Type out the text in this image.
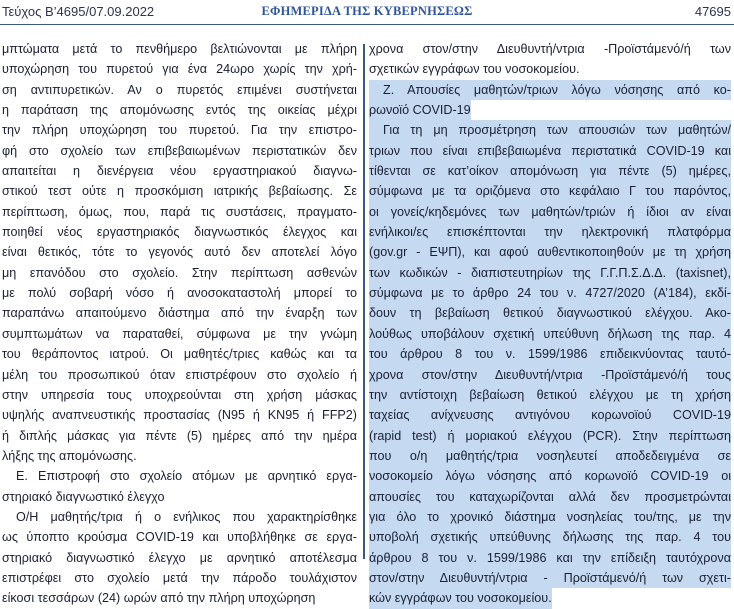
Τεύχος Β’4695/07.09.2022	ΕΦΗΜΕΡΙΔΑ ΤΗΣ ΚΥΒΕΡΝΗΣΕΩΣ	47695
μπτώματα μετά το πενθήμερο βελτιώνονται με πλήρη
υποχώρηση του πυρετού για ένα 24ωρο χωρίς την χρή-
ση αντιπυρετικών. Αν ο πυρετός επιμένει συστήνεται
η παράταση της απομόνωσης εντός της οικείας μέχρι
την πλήρη υποχώρηση του πυρετού. Για την επιστρο-
φή στο σχολείο των επιβεβαιωμένων περιστατικών δεν
απαιτείται η διενέργεια νέου εργαστηριακού διαγνω-
στικού τεστ ούτε η προσκόμιση ιατρικής βεβαίωσης. Σε
περίπτωση, όμως, που, παρά τις συστάσεις, πραγματο-
ποιηθεί νέος εργαστηριακός διαγνωστικός έλεγχος και
είναι θετικός, τότε το γεγονός αυτό δεν αποτελεί λόγο
μη επανόδου στο σχολείο. Στην περίπτωση ασθενών
με πολύ σοβαρή νόσο ή ανοσοκαταστολή μπορεί το
παραπάνω απαιτούμενο διάστημα από την έναρξη των
συμπτωμάτων να παραταθεί, σύμφωνα με την γνώμη
του θεράποντος ιατρού. Οι μαθητές/τριες καθώς και τα
μέλη του προσωπικού όταν επιστρέφουν στο σχολείο ή
στην υπηρεσία τους υποχρεούνται στη χρήση μάσκας
υψηλής αναπνευστικής προστασίας (N95 ή KN95 ή FFP2)
ή διπλής μάσκας για πέντε (5) ημέρες από την ημέρα
λήξης της απομόνωσης.
Ε. Επιστροφή στο σχολείο ατόμων με αρνητικό εργα-
στηριακό διαγνωστικό έλεγχο
Ο/Η μαθητής/τρια ή ο ενήλικος που χαρακτηρίσθηκε
ως ύποπτο κρούσμα COVID-19 και υποβλήθηκε σε εργα-
στηριακό διαγνωστικό έλεγχο με αρνητικό αποτέλεσμα
επιστρέφει στο σχολείο μετά την πάροδο τουλάχιστον
είκοσι τεσσάρων (24) ωρών από την πλήρη υποχώρηση
χρονα στον/στην Διευθυντή/ντρια -Προϊστάμενό/ή των
σχετικών εγγράφων του νοσοκομείου.
Ζ. Απουσίες μαθητών/τριων λόγω νόσησης από κο-
ρωνοϊό COVID-19
Για τη μη προσμέτρηση των απουσιών των μαθητών/
τριων που είναι επιβεβαιωμένα περιστατικά COVID-19 και
τίθενται σε κατ’οίκον απομόνωση για πέντε (5) ημέρες,
σύμφωνα με τα οριζόμενα στο κεφάλαιο Γ του παρόντος,
οι γονείς/κηδεμόνες των μαθητών/τριών ή ίδιοι αν είναι
ενήλικοι/ες επισκέπτονται την ηλεκτρονική πλατφόρμα
(gov.gr - ΕΨΠ), και αφού αυθεντικοποιηθούν με τη χρήση
των κωδικών - διαπιστευτηρίων της Γ.Γ.Π.Σ.Δ.Δ. (taxisnet),
σύμφωνα με το άρθρο 24 του ν. 4727/2020 (Α’184), εκδί-
δουν τη βεβαίωση θετικού διαγνωστικού ελέγχου. Ακο-
λούθως υποβάλουν σχετική υπεύθυνη δήλωση της παρ. 4
του άρθρου 8 του ν. 1599/1986 επιδεικνύοντας ταυτό-
χρονα στον/στην Διευθυντή/ντρια -Προϊστάμενό/ή τους
την αντίστοιχη βεβαίωση θετικού ελέγχου με τη χρήση
ταχείας ανίχνευσης αντιγόνου κορωνοϊού COVID-19
(rapid test) ή μοριακού ελέγχου (PCR). Στην περίπτωση
που ο/η μαθητής/τρια νοσηλευτεί αποδεδειγμένα σε
νοσοκομείο λόγω νόσησης από κορωνοϊό COVID-19 οι
απουσίες του καταχωρίζονται αλλά δεν προσμετρώνται
για όλο το χρονικό διάστημα νοσηλείας του/της, με την
υποβολή σχετικής υπεύθυνης δήλωσης της παρ. 4 του
άρθρου 8 του ν. 1599/1986 και την επίδειξη ταυτόχρονα
στον/στην Διευθυντή/ντρια - Προϊστάμενό/ή των σχετι-
κών εγγράφων του νοσοκομείου.
